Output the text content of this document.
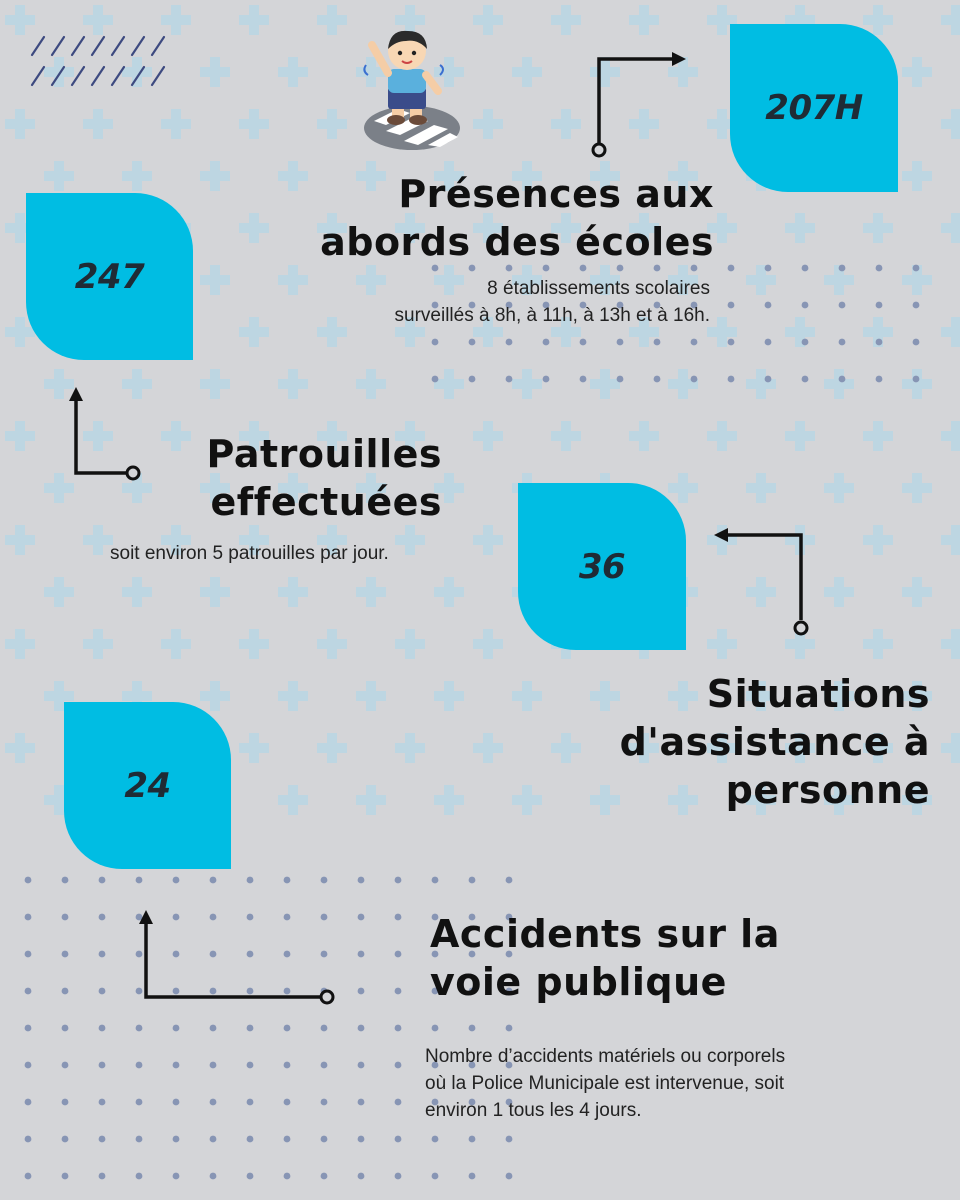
207H
Présences aux
abords des écoles
8 établissements scolaires
surveillés à 8h, à 11h, à 13h et à 16h.
247
Patrouilles
effectuées
soit environ 5 patrouilles par jour.	36
Situations
d'assistance à
personne
24
Accidents sur la
voie publique
Nombre d’accidents matériels ou corporels
où la Police Municipale est intervenue, soit
environ 1 tous les 4 jours.
